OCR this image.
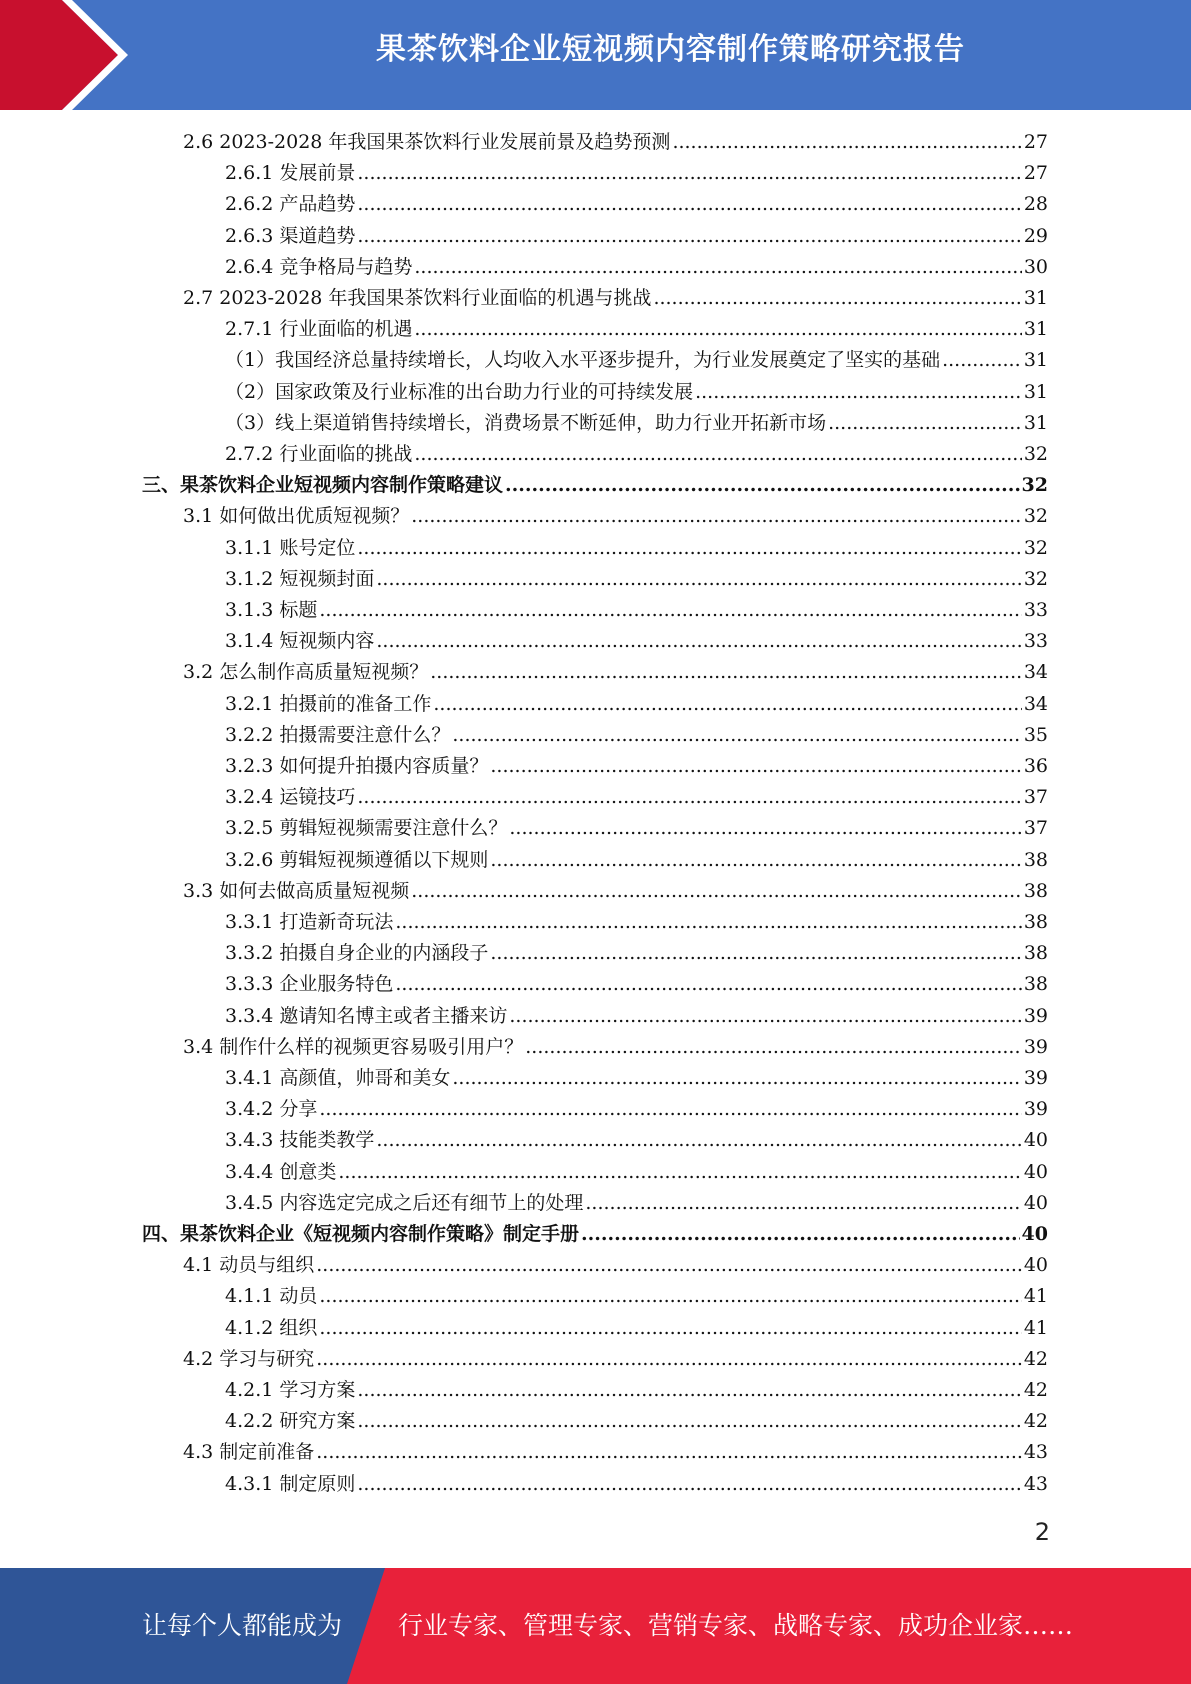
果茶饮料企业短视频内容制作策略研究报告
2.6 2023-2028 年我国果茶饮料行业发展前景及趋势预测 .....	27
2.6.1 发展前景 .....	27
2.6.2 产品趋势 .....	28
2.6.3 渠道趋势 .....	29
2.6.4 竞争格局与趋势 .....	30
2.7 2023-2028 年我国果茶饮料行业面临的机遇与挑战 .....	31
2.7.1 行业面临的机遇 .....	31
（1）我国经济总量持续增长，人均收入水平逐步提升，为行业发展奠定了坚实的基础 .....	31
（2）国家政策及行业标准的出台助力行业的可持续发展 .....	31
（3）线上渠道销售持续增长，消费场景不断延伸，助力行业开拓新市场 .....	31
2.7.2 行业面临的挑战 .....	32
三、果茶饮料企业短视频内容制作策略建议 .....	32
3.1 如何做出优质短视频？ .....	32
3.1.1 账号定位 .....	32
3.1.2 短视频封面 .....	32
3.1.3 标题 .....	33
3.1.4 短视频内容 .....	33
3.2 怎么制作高质量短视频？ .....	34
3.2.1 拍摄前的准备工作 .....	34
3.2.2 拍摄需要注意什么？ .....	35
3.2.3 如何提升拍摄内容质量？ .....	36
3.2.4 运镜技巧 .....	37
3.2.5 剪辑短视频需要注意什么？ .....	37
3.2.6 剪辑短视频遵循以下规则 .....	38
3.3 如何去做高质量短视频 .....	38
3.3.1 打造新奇玩法 .....	38
3.3.2 拍摄自身企业的内涵段子 .....	38
3.3.3 企业服务特色 .....	38
3.3.4 邀请知名博主或者主播来访 .....	39
3.4 制作什么样的视频更容易吸引用户？ .....	39
3.4.1 高颜值，帅哥和美女 .....	39
3.4.2 分享 .....	39
3.4.3 技能类教学 .....	40
3.4.4 创意类 .....	40
3.4.5 内容选定完成之后还有细节上的处理 .....	40
四、果茶饮料企业《短视频内容制作策略》制定手册 .....	40
4.1 动员与组织 .....	40
4.1.1 动员 .....	41
4.1.2 组织 .....	41
4.2 学习与研究 .....	42
4.2.1 学习方案 .....	42
4.2.2 研究方案 .....	42
4.3 制定前准备 .....	43
4.3.1 制定原则 .....	43
2
让每个人都能成为 行业专家、管理专家、营销专家、战略专家、成功企业家……
